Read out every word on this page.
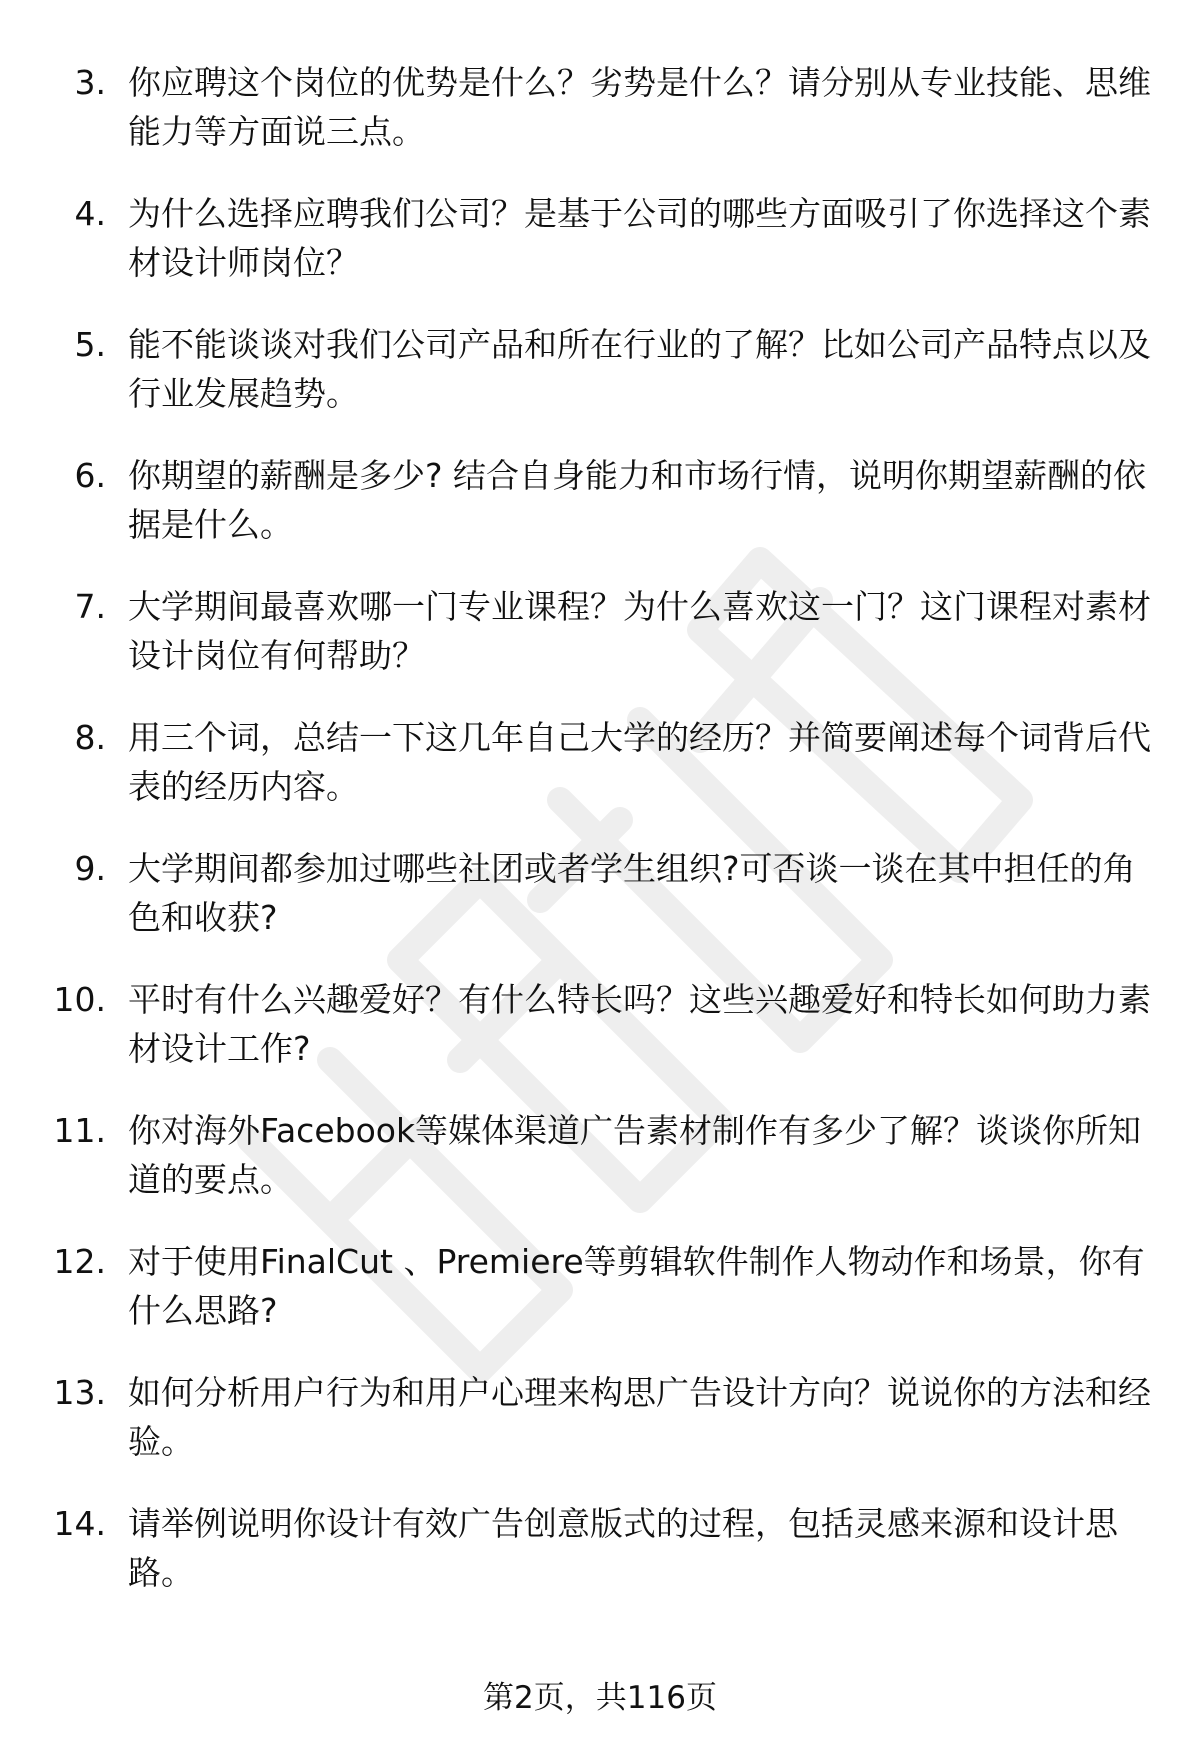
3. 你应聘这个岗位的优势是什么？劣势是什么？请分别从专业技能、思维能力等方面说三点。
4. 为什么选择应聘我们公司？是基于公司的哪些方面吸引了你选择这个素材设计师岗位？
5. 能不能谈谈对我们公司产品和所在行业的了解？比如公司产品特点以及行业发展趋势。
6. 你期望的薪酬是多少? 结合自身能力和市场行情，说明你期望薪酬的依据是什么。
7. 大学期间最喜欢哪一门专业课程？为什么喜欢这一门？这门课程对素材设计岗位有何帮助？
8. 用三个词，总结一下这几年自己大学的经历？并简要阐述每个词背后代表的经历内容。
9. 大学期间都参加过哪些社团或者学生组织?可否谈一谈在其中担任的角色和收获?
10. 平时有什么兴趣爱好？有什么特长吗？这些兴趣爱好和特长如何助力素材设计工作?
11. 你对海外Facebook等媒体渠道广告素材制作有多少了解？谈谈你所知道的要点。
12. 对于使用FinalCut 、Premiere等剪辑软件制作人物动作和场景，你有什么思路?
13. 如何分析用户行为和用户心理来构思广告设计方向？说说你的方法和经验。
14. 请举例说明你设计有效广告创意版式的过程，包括灵感来源和设计思路。
第2页，共116页
